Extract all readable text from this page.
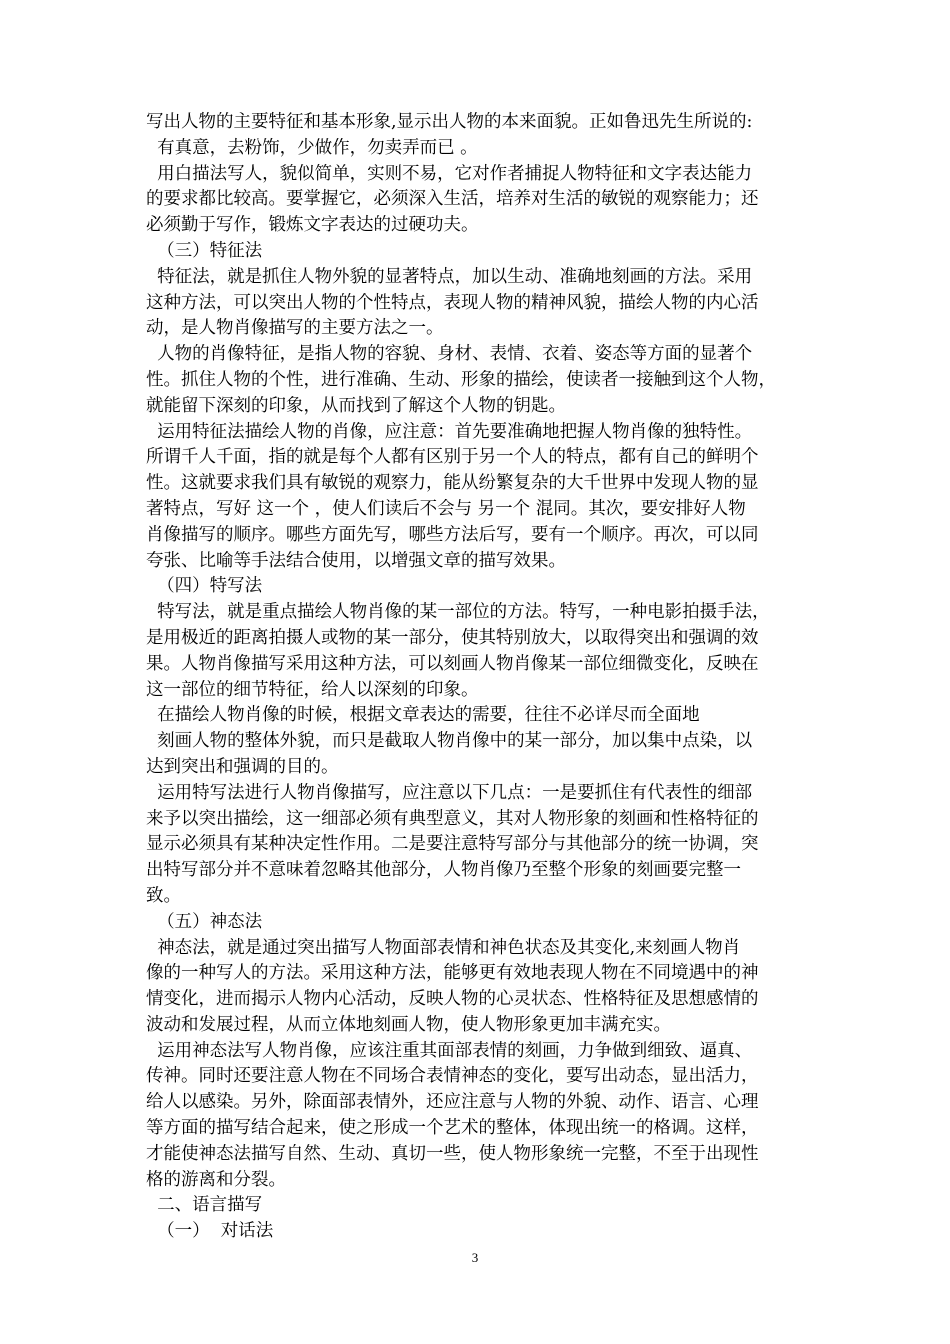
写出人物的主要特征和基本形象,显示出人物的本来面貌。正如鲁迅先生所说的:
有真意，去粉饰，少做作，勿卖弄而已 。
用白描法写人，貌似简单，实则不易，它对作者捕捉人物特征和文字表达能力
的要求都比较高。要掌握它，必须深入生活，培养对生活的敏锐的观察能力；还
必须勤于写作，锻炼文字表达的过硬功夫。
（三）特征法
特征法，就是抓住人物外貌的显著特点，加以生动、准确地刻画的方法。采用
这种方法，可以突出人物的个性特点，表现人物的精神风貌，描绘人物的内心活
动，是人物肖像描写的主要方法之一。
人物的肖像特征，是指人物的容貌、身材、表情、衣着、姿态等方面的显著个
性。抓住人物的个性，进行准确、生动、形象的描绘，使读者一接触到这个人物，
就能留下深刻的印象，从而找到了解这个人物的钥匙。
运用特征法描绘人物的肖像，应注意：首先要准确地把握人物肖像的独特性。
所谓千人千面，指的就是每个人都有区别于另一个人的特点，都有自己的鲜明个
性。这就要求我们具有敏锐的观察力，能从纷繁复杂的大千世界中发现人物的显
著特点，写好 这一个 ，使人们读后不会与 另一个 混同。其次，要安排好人物
肖像描写的顺序。哪些方面先写，哪些方法后写，要有一个顺序。再次，可以同
夸张、比喻等手法结合使用，以增强文章的描写效果。
（四）特写法
特写法，就是重点描绘人物肖像的某一部位的方法。特写，一种电影拍摄手法，
是用极近的距离拍摄人或物的某一部分，使其特别放大，以取得突出和强调的效
果。人物肖像描写采用这种方法，可以刻画人物肖像某一部位细微变化，反映在
这一部位的细节特征，给人以深刻的印象。
在描绘人物肖像的时候，根据文章表达的需要，往往不必详尽而全面地
刻画人物的整体外貌，而只是截取人物肖像中的某一部分，加以集中点染，以
达到突出和强调的目的。
运用特写法进行人物肖像描写，应注意以下几点：一是要抓住有代表性的细部
来予以突出描绘，这一细部必须有典型意义，其对人物形象的刻画和性格特征的
显示必须具有某种决定性作用。二是要注意特写部分与其他部分的统一协调，突
出特写部分并不意味着忽略其他部分，人物肖像乃至整个形象的刻画要完整一
致。
（五）神态法
神态法，就是通过突出描写人物面部表情和神色状态及其变化,来刻画人物肖
像的一种写人的方法。采用这种方法，能够更有效地表现人物在不同境遇中的神
情变化，进而揭示人物内心活动，反映人物的心灵状态、性格特征及思想感情的
波动和发展过程，从而立体地刻画人物，使人物形象更加丰满充实。
运用神态法写人物肖像，应该注重其面部表情的刻画，力争做到细致、逼真、
传神。同时还要注意人物在不同场合表情神态的变化，要写出动态，显出活力，
给人以感染。另外，除面部表情外，还应注意与人物的外貌、动作、语言、心理
等方面的描写结合起来，使之形成一个艺术的整体，体现出统一的格调。这样，
才能使神态法描写自然、生动、真切一些，使人物形象统一完整，不至于出现性
格的游离和分裂。
二、语言描写
（一）  对话法
3
